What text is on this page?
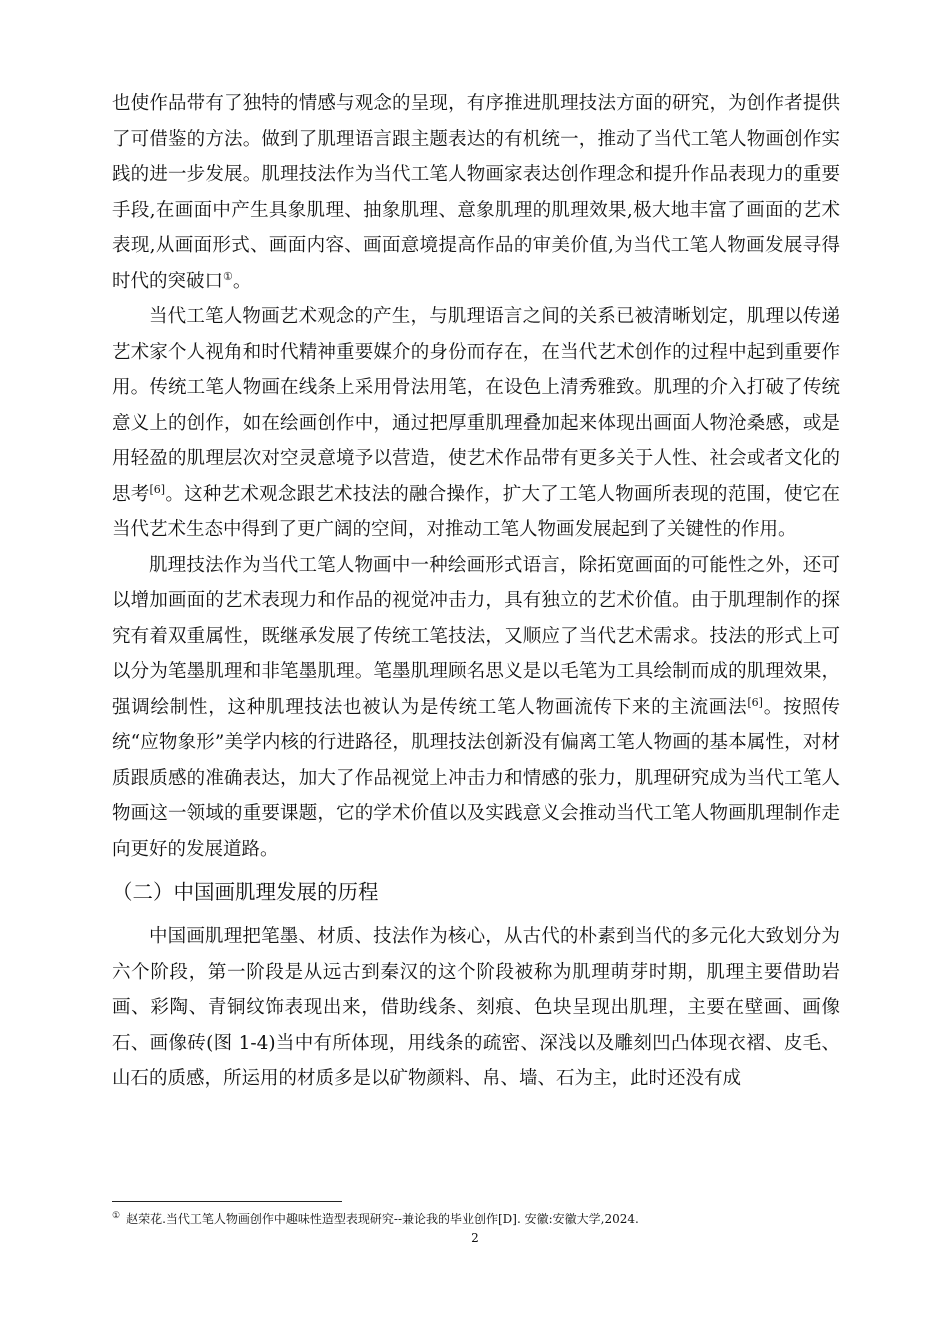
也使作品带有了独特的情感与观念的呈现，有序推进肌理技法方面的研究，为创作者提供了可借鉴的方法。做到了肌理语言跟主题表达的有机统一，推动了当代工笔人物画创作实践的进一步发展。肌理技法作为当代工笔人物画家表达创作理念和提升作品表现力的重要手段,在画面中产生具象肌理、抽象肌理、意象肌理的肌理效果,极大地丰富了画面的艺术表现,从画面形式、画面内容、画面意境提高作品的审美价值,为当代工笔人物画发展寻得时代的突破口①。

当代工笔人物画艺术观念的产生，与肌理语言之间的关系已被清晰划定，肌理以传递艺术家个人视角和时代精神重要媒介的身份而存在，在当代艺术创作的过程中起到重要作用。传统工笔人物画在线条上采用骨法用笔，在设色上清秀雅致。肌理的介入打破了传统意义上的创作，如在绘画创作中，通过把厚重肌理叠加起来体现出画面人物沧桑感，或是用轻盈的肌理层次对空灵意境予以营造，使艺术作品带有更多关于人性、社会或者文化的思考[6]。这种艺术观念跟艺术技法的融合操作，扩大了工笔人物画所表现的范围，使它在当代艺术生态中得到了更广阔的空间，对推动工笔人物画发展起到了关键性的作用。

肌理技法作为当代工笔人物画中一种绘画形式语言，除拓宽画面的可能性之外，还可以增加画面的艺术表现力和作品的视觉冲击力，具有独立的艺术价值。由于肌理制作的探究有着双重属性，既继承发展了传统工笔技法，又顺应了当代艺术需求。技法的形式上可以分为笔墨肌理和非笔墨肌理。笔墨肌理顾名思义是以毛笔为工具绘制而成的肌理效果，强调绘制性，这种肌理技法也被认为是传统工笔人物画流传下来的主流画法[6]。按照传统“应物象形”美学内核的行进路径，肌理技法创新没有偏离工笔人物画的基本属性，对材质跟质感的准确表达，加大了作品视觉上冲击力和情感的张力，肌理研究成为当代工笔人物画这一领域的重要课题，它的学术价值以及实践意义会推动当代工笔人物画肌理制作走向更好的发展道路。

（二）中国画肌理发展的历程

中国画肌理把笔墨、材质、技法作为核心，从古代的朴素到当代的多元化大致划分为六个阶段，第一阶段是从远古到秦汉的这个阶段被称为肌理萌芽时期，肌理主要借助岩画、彩陶、青铜纹饰表现出来，借助线条、刻痕、色块呈现出肌理，主要在壁画、画像石、画像砖(图 1-4)当中有所体现，用线条的疏密、深浅以及雕刻凹凸体现衣褶、皮毛、山石的质感，所运用的材质多是以矿物颜料、帛、墙、石为主，此时还没有成

① 赵荣花.当代工笔人物画创作中趣味性造型表现研究--兼论我的毕业创作[D]. 安徽:安徽大学,2024.
2
